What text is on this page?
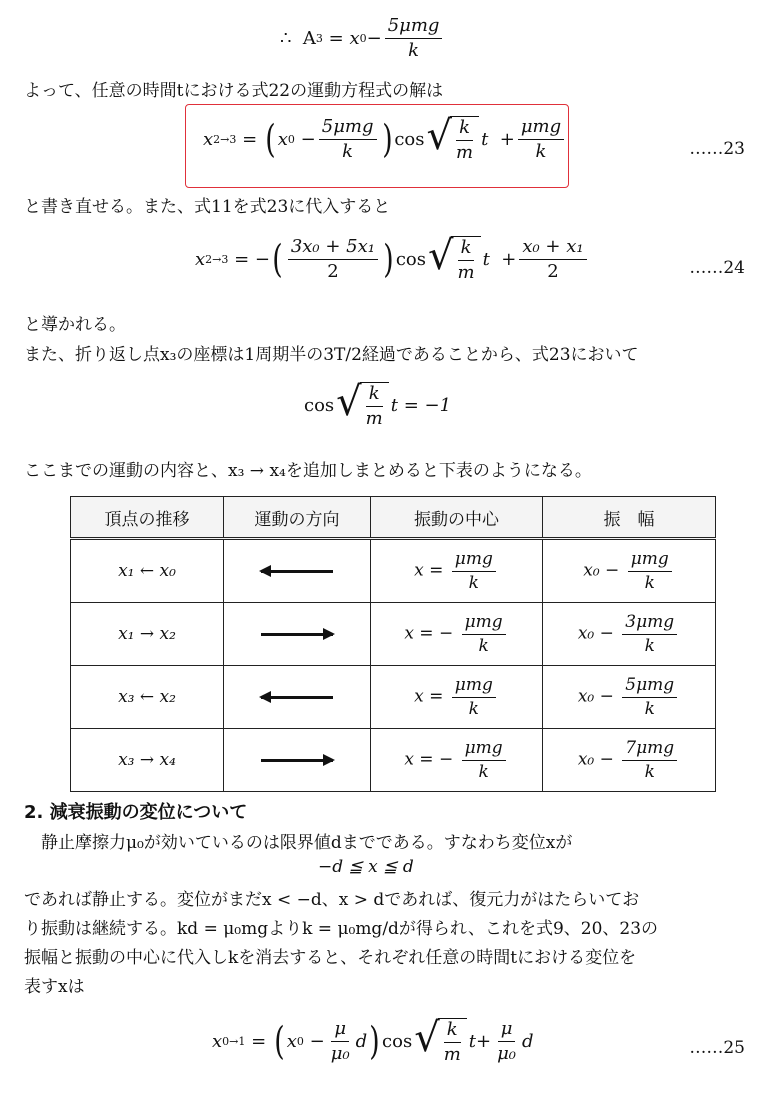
∴
A 3
= x $0 - \frac{\text{5μmg}}{k}$
よって、任意の時間tにおける式22の運動方程式の解は
x 2→3
=
( x 0
− $\frac{\text{5μmg}}{k}$ ) cos √ $\frac{k}{m}$ t
+ $\frac{\text{μmg}}{k}$	……23
と書き直せる。また、式11を式23に代入すると
x 2→3
= − ( $\frac{\text{3x₀ + 5x₁}}{2}$ ) cos √ $\frac{k}{m}$ t
+ $\frac{\text{x₀ + x₁}}{2}$	……24
と導かれる。
また、折り返し点x₃の座標は1周期半の3T/2経過であることから、式23において
cos √ $\frac{k}{m}$ t = −1
ここまでの運動の内容と、x₃ → x₄を追加しまとめると下表のようになる。
頂点の推移	運動の方向	振動の中心	振　幅
x₁ ← x₀		$x = \frac{\text{μmg}}{k}$	$x_0 - \frac{\text{μmg}}{k}$

x₁ → x₂		x = − $\frac{\text{μmg}}{k}$	$x_0 - \frac{\text{3μmg}}{k}$

x₃ ← x₂		$x = \frac{\text{μmg}}{k}$	$x_0 - \frac{\text{5μmg}}{k}$

x₃ → x₄		x = − $\frac{\text{μmg}}{k}$	$x_0 - \frac{\text{7μmg}}{k}$
2. 減衰振動の変位について
　静止摩擦力μ₀が効いているのは限界値dまでである。すなわち変位xが
−d ≦ x ≦ d
であれば静止する。変位がまだx < −d、x > dであれば、復元力がはたらいてお
り振動は継続する。kd = μ₀mgよりk = μ₀mg/dが得られ、これを式9、20、23の
振幅と振動の中心に代入しkを消去すると、それぞれ任意の時間tにおける変位を
表すxは
x 0→1
=
( x 0
− $\frac{\mu}{\text{μ₀}}$ d ) cos √ $\frac{k}{m}$ $t + \frac{\mu}{\text{μ₀}}$ d	……25
